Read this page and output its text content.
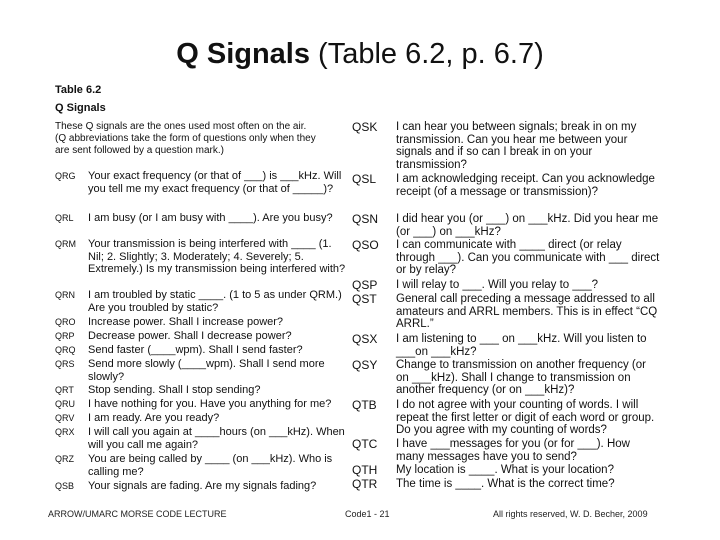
Q Signals (Table 6.2, p. 6.7)
Table 6.2
Q Signals
These Q signals are the ones used most often on the air. (Q abbreviations take the form of questions only when they are sent followed by a question mark.)
QRG	Your exact frequency (or that of ___) is ___kHz. Will you tell me my exact frequency (or that of _____)?
QRL	I am busy (or I am busy with ____). Are you busy?
QRM	Your transmission is being interfered with ____ (1. Nil; 2. Slightly; 3. Moderately; 4. Severely; 5. Extremely.) Is my transmission being interfered with?
QRN	I am troubled by static ____. (1 to 5 as under QRM.) Are you troubled by static?
QRO	Increase power. Shall I increase power?
QRP	Decrease power. Shall I decrease power?
QRQ	Send faster (____wpm). Shall I send faster?
QRS	Send more slowly (____wpm). Shall I send more slowly?
QRT	Stop sending. Shall I stop sending?
QRU	I have nothing for you. Have you anything for me?
QRV	I am ready. Are you ready?
QRX	I will call you again at ____hours (on ___kHz). When will you call me again?
QRZ	You are being called by ____ (on ___kHz). Who is calling me?
QSB	Your signals are fading. Are my signals fading?
QSK	I can hear you between signals; break in on my transmission. Can you hear me between your signals and if so can I break in on your transmission?
QSL	I am acknowledging receipt. Can you acknowledge receipt (of a message or transmission)?
QSN	I did hear you (or ___) on ___kHz. Did you hear me (or ___) on ___kHz?
QSO	I can communicate with ____ direct (or relay through ___). Can you communicate with ___ direct or by relay?
QSP	I will relay to ___. Will you relay to ___?
QST	General call preceding a message addressed to all amateurs and ARRL members. This is in effect “CQ ARRL.”
QSX	I am listening to ___ on ___kHz. Will you listen to ___on ___kHz?
QSY	Change to transmission on another frequency (or on ___kHz). Shall I change to transmission on another frequency (or on ___kHz)?
QTB	I do not agree with your counting of words. I will repeat the first letter or digit of each word or group. Do you agree with my counting of words?
QTC	I have ___messages for you (or for ___). How many messages have you to send?
QTH	My location is ____. What is your location?
QTR	The time is ____. What is the correct time?
ARROW/UMARC MORSE CODE LECTURE	Code1 - 21	All rights reserved, W. D. Becher, 2009
